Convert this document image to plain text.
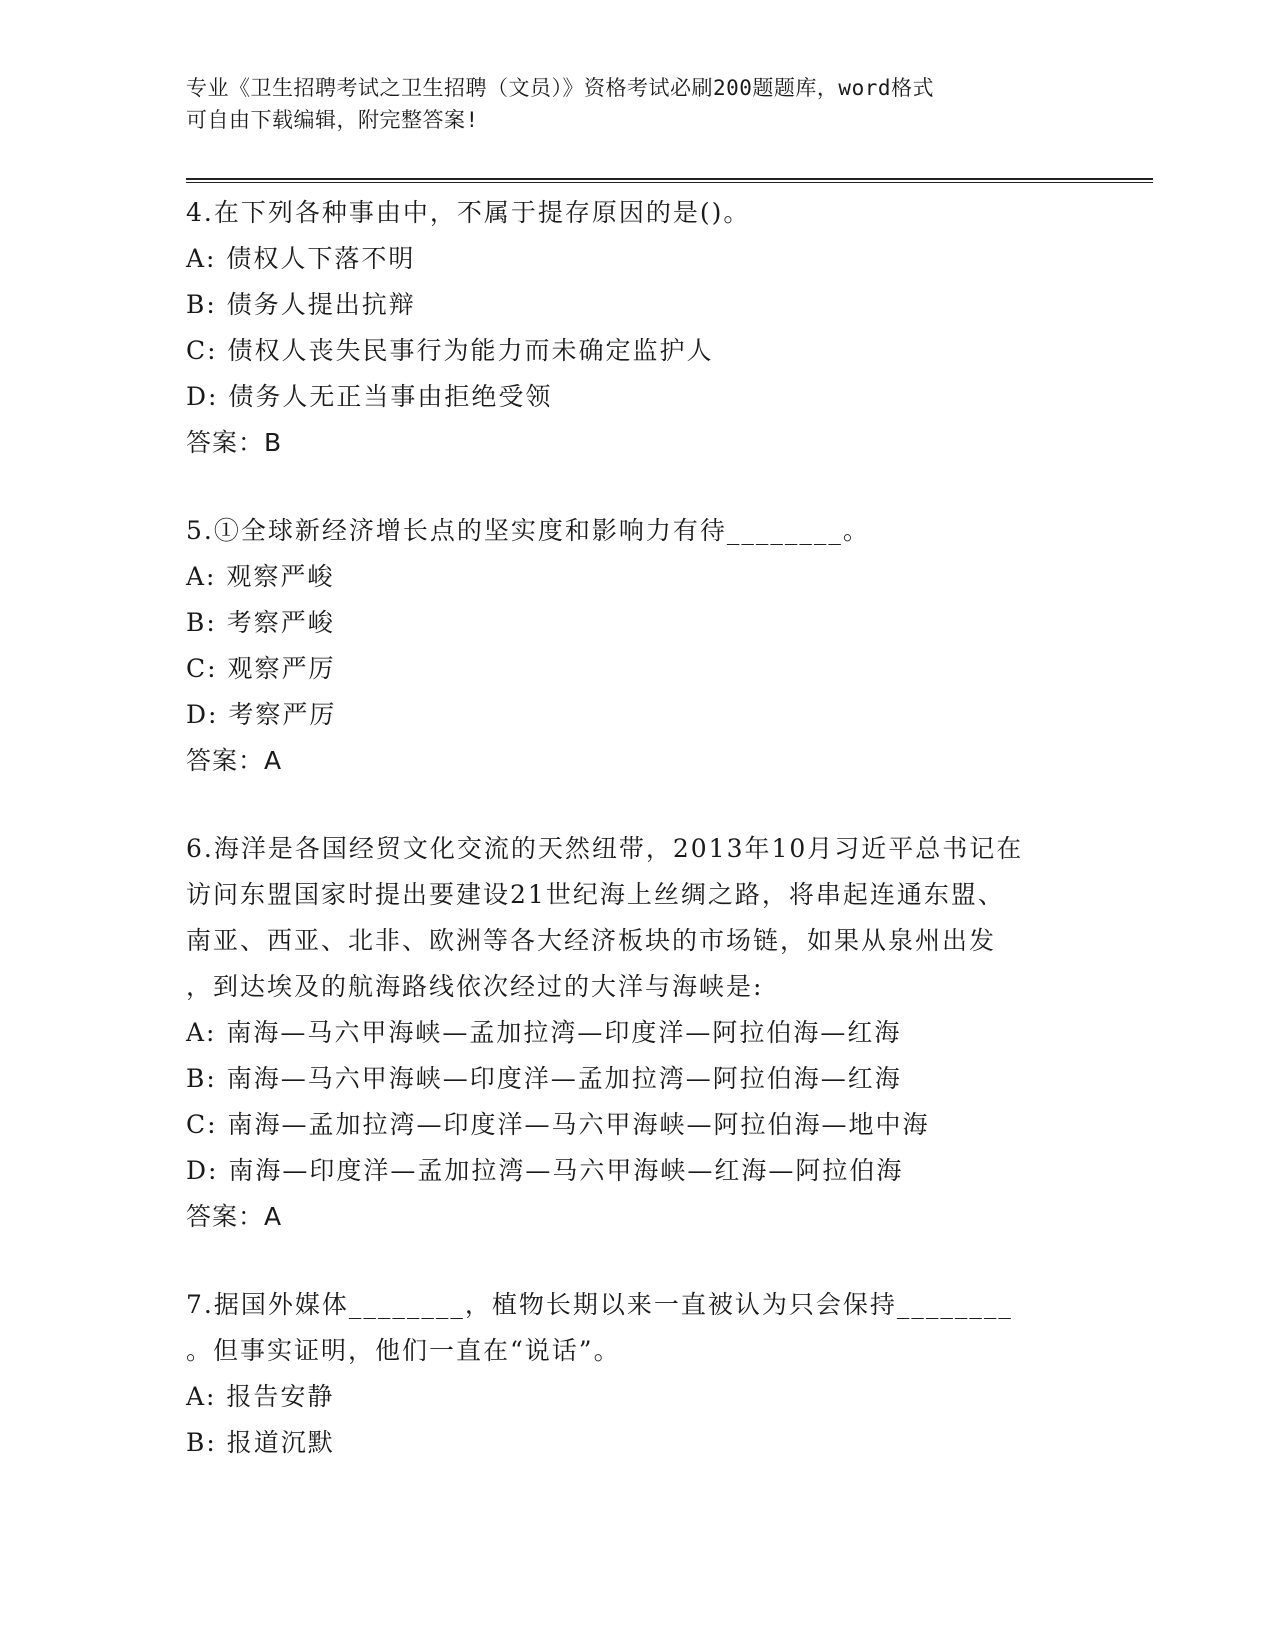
专业《卫生招聘考试之卫生招聘（文员）》资格考试必刷200题题库，word格式
可自由下载编辑，附完整答案!
4.在下列各种事由中，不属于提存原因的是()。
A: 债权人下落不明
B: 债务人提出抗辩
C: 债权人丧失民事行为能力而未确定监护人
D: 债务人无正当事由拒绝受领
答案：B
5.①全球新经济增长点的坚实度和影响力有待________。
A: 观察严峻
B: 考察严峻
C: 观察严厉
D: 考察严厉
答案：A
6.海洋是各国经贸文化交流的天然纽带，2013年10月习近平总书记在
访问东盟国家时提出要建设21世纪海上丝绸之路，将串起连通东盟、
南亚、西亚、北非、欧洲等各大经济板块的市场链，如果从泉州出发
，到达埃及的航海路线依次经过的大洋与海峡是:
A: 南海—马六甲海峡—孟加拉湾—印度洋—阿拉伯海—红海
B: 南海—马六甲海峡—印度洋—孟加拉湾—阿拉伯海—红海
C: 南海—孟加拉湾—印度洋—马六甲海峡—阿拉伯海—地中海
D: 南海—印度洋—孟加拉湾—马六甲海峡—红海—阿拉伯海
答案：A
7.据国外媒体________，植物长期以来一直被认为只会保持________
。但事实证明，他们一直在“说话”。
A: 报告安静
B: 报道沉默
